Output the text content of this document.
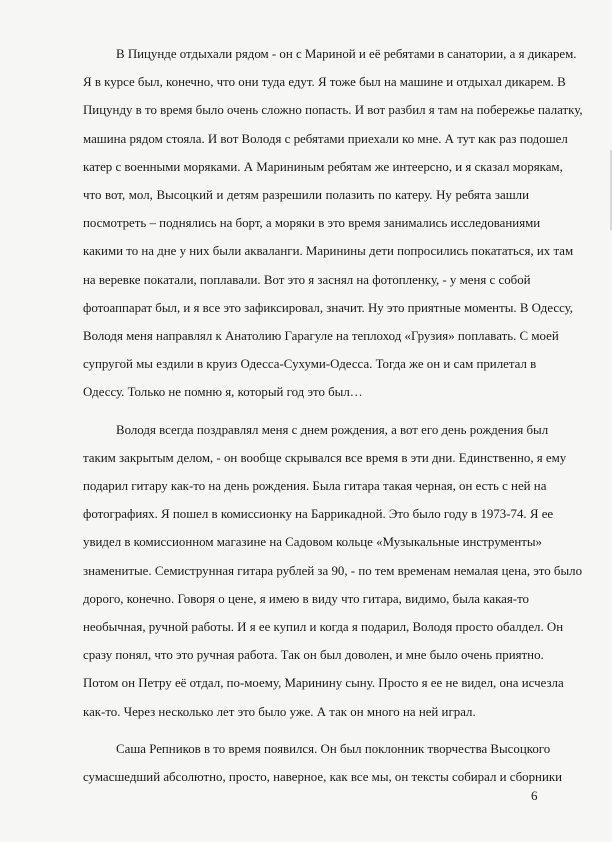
В Пицунде отдыхали рядом - он с Мариной и её ребятами в санатории, а я дикарем.
Я в курсе был, конечно, что они туда едут. Я тоже был на машине и отдыхал дикарем. В
Пицунду в то время было очень сложно попасть. И вот разбил я там на побережье палатку,
машина рядом стояла. И вот Володя с ребятами приехали ко мне. А тут как раз подошел
катер с военными моряками. А Марининым ребятам же интеерсно, и я сказал морякам,
что вот, мол, Высоцкий и детям разрешили полазить по катеру. Ну ребята зашли
посмотреть – поднялись на борт, а моряки в это время занимались исследованиями
какими то на дне у них были акваланги. Маринины дети попросились покататься, их там
на веревке покатали, поплавали. Вот это я заснял на фотопленку, - у меня с собой
фотоаппарат был, и я все это зафиксировал, значит. Ну это приятные моменты. В Одессу,
Володя меня направлял к Анатолию Гарагуле на теплоход «Грузия» поплавать. С моей
супругой мы ездили в круиз Одесса-Сухуми-Одесса. Тогда же он и сам прилетал в
Одессу. Только не помню я, который год это был…
Володя всегда поздравлял меня с днем рождения, а вот его день рождения был
таким закрытым делом, - он вообще скрывался все время в эти дни. Единственно, я ему
подарил гитару как-то на день рождения. Была гитара такая черная, он есть с ней на
фотографиях. Я пошел в комиссионку на Баррикадной. Это было году в 1973-74. Я ее
увидел в комиссионном магазине на Садовом кольце «Музыкальные инструменты»
знаменитые. Семиструнная гитара рублей за 90, - по тем временам немалая цена, это было
дорого, конечно. Говоря о цене, я имею в виду что гитара, видимо, была какая-то
необычная, ручной работы. И я ее купил и когда я подарил, Володя просто обалдел. Он
сразу понял, что это ручная работа. Так он был доволен, и мне было очень приятно.
Потом он Петру её отдал, по-моему, Маринину сыну. Просто я ее не видел, она исчезла
как-то. Через несколько лет это было уже. А так он много на ней играл.
Саша Репников в то время появился. Он был поклонник творчества Высоцкого
сумасшедший абсолютно, просто, наверное, как все мы, он тексты собирал и сборники
6
